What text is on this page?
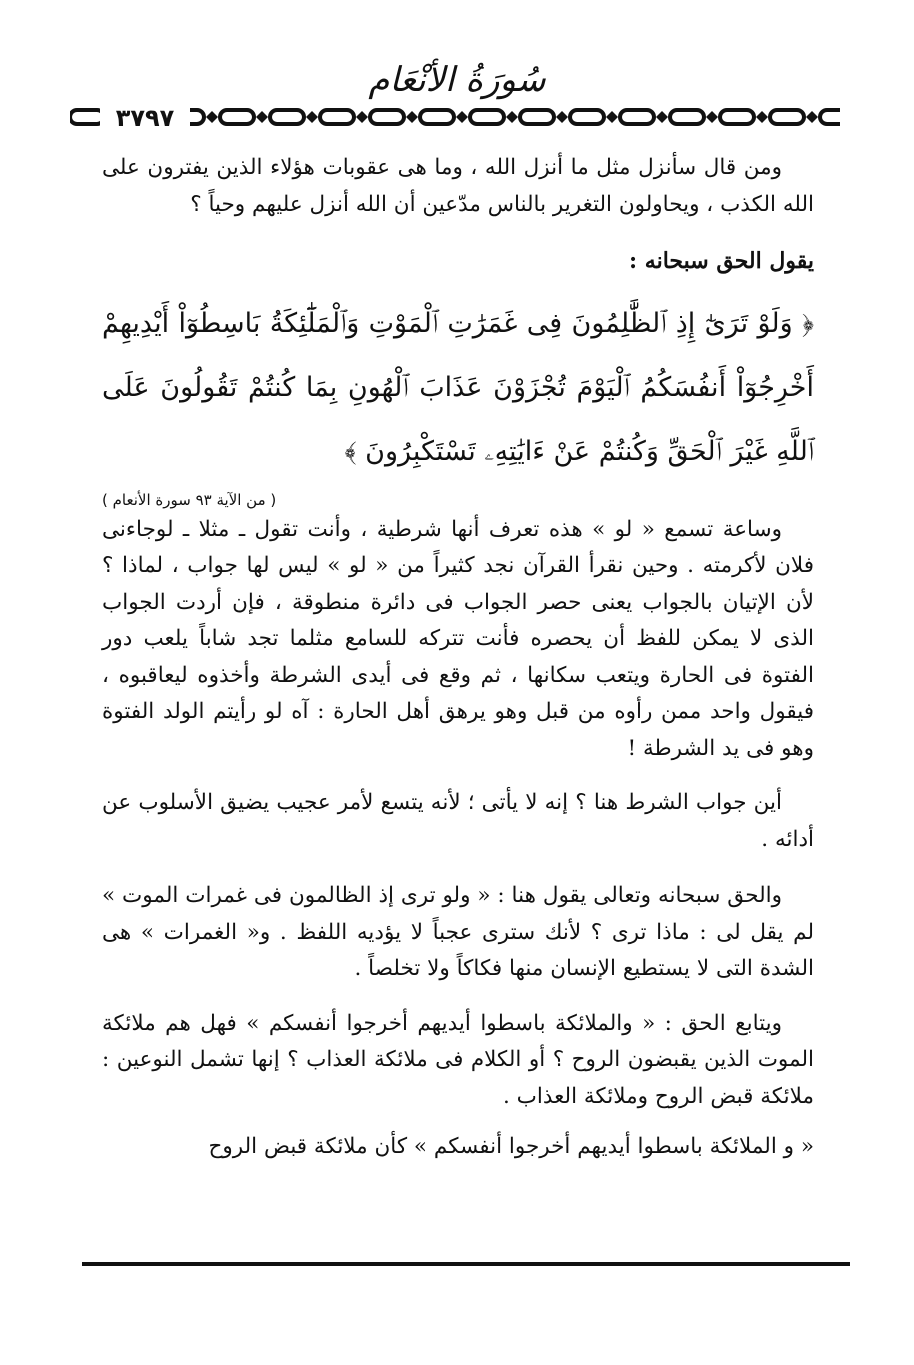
سُورَةُ الأنْعَام
٣٧٩٧

ومن قال سأنزل مثل ما أنزل الله ، وما هى عقوبات هؤلاء الذين يفترون على الله الكذب ، ويحاولون التغرير بالناس مدّعين أن الله أنزل عليهم وحياً ؟

يقول الحق سبحانه :

﴿ وَلَوْ تَرَىٰٓ إِذِ ٱلظَّٰلِمُونَ فِى غَمَرَٰتِ ٱلْمَوْتِ وَٱلْمَلَٰٓئِكَةُ بَاسِطُوٓاْ أَيْدِيهِمْ أَخْرِجُوٓاْ أَنفُسَكُمُ ٱلْيَوْمَ تُجْزَوْنَ عَذَابَ ٱلْهُونِ بِمَا كُنتُمْ تَقُولُونَ عَلَى ٱللَّهِ غَيْرَ ٱلْحَقِّ وَكُنتُمْ عَنْ ءَايَٰتِهِۦ تَسْتَكْبِرُونَ ﴾

( من الآية ٩٣ سورة الأنعام )

وساعة تسمع « لو » هذه تعرف أنها شرطية ، وأنت تقول ـ مثلا ـ لوجاءنى فلان لأكرمته . وحين نقرأ القرآن نجد كثيراً من « لو » ليس لها جواب ، لماذا ؟ لأن الإتيان بالجواب يعنى حصر الجواب فى دائرة منطوقة ، فإن أردت الجواب الذى لا يمكن للفظ أن يحصره فأنت تتركه للسامع مثلما تجد شاباً يلعب دور الفتوة فى الحارة ويتعب سكانها ، ثم وقع فى أيدى الشرطة وأخذوه ليعاقبوه ، فيقول واحد ممن رأوه من قبل وهو يرهق أهل الحارة : آه لو رأيتم الولد الفتوة وهو فى يد الشرطة !

أين جواب الشرط هنا ؟ إنه لا يأتى ؛ لأنه يتسع لأمر عجيب يضيق الأسلوب عن أدائه .

والحق سبحانه وتعالى يقول هنا : « ولو ترى إذ الظالمون فى غمرات الموت » لم يقل لى : ماذا ترى ؟ لأنك سترى عجباً لا يؤديه اللفظ . و« الغمرات » هى الشدة التى لا يستطيع الإنسان منها فكاكاً ولا تخلصاً .

ويتابع الحق : « والملائكة باسطوا أيديهم أخرجوا أنفسكم » فهل هم ملائكة الموت الذين يقبضون الروح ؟ أو الكلام فى ملائكة العذاب ؟ إنها تشمل النوعين : ملائكة قبض الروح وملائكة العذاب .

« و الملائكة باسطوا أيديهم أخرجوا أنفسكم » كأن ملائكة قبض الروح
